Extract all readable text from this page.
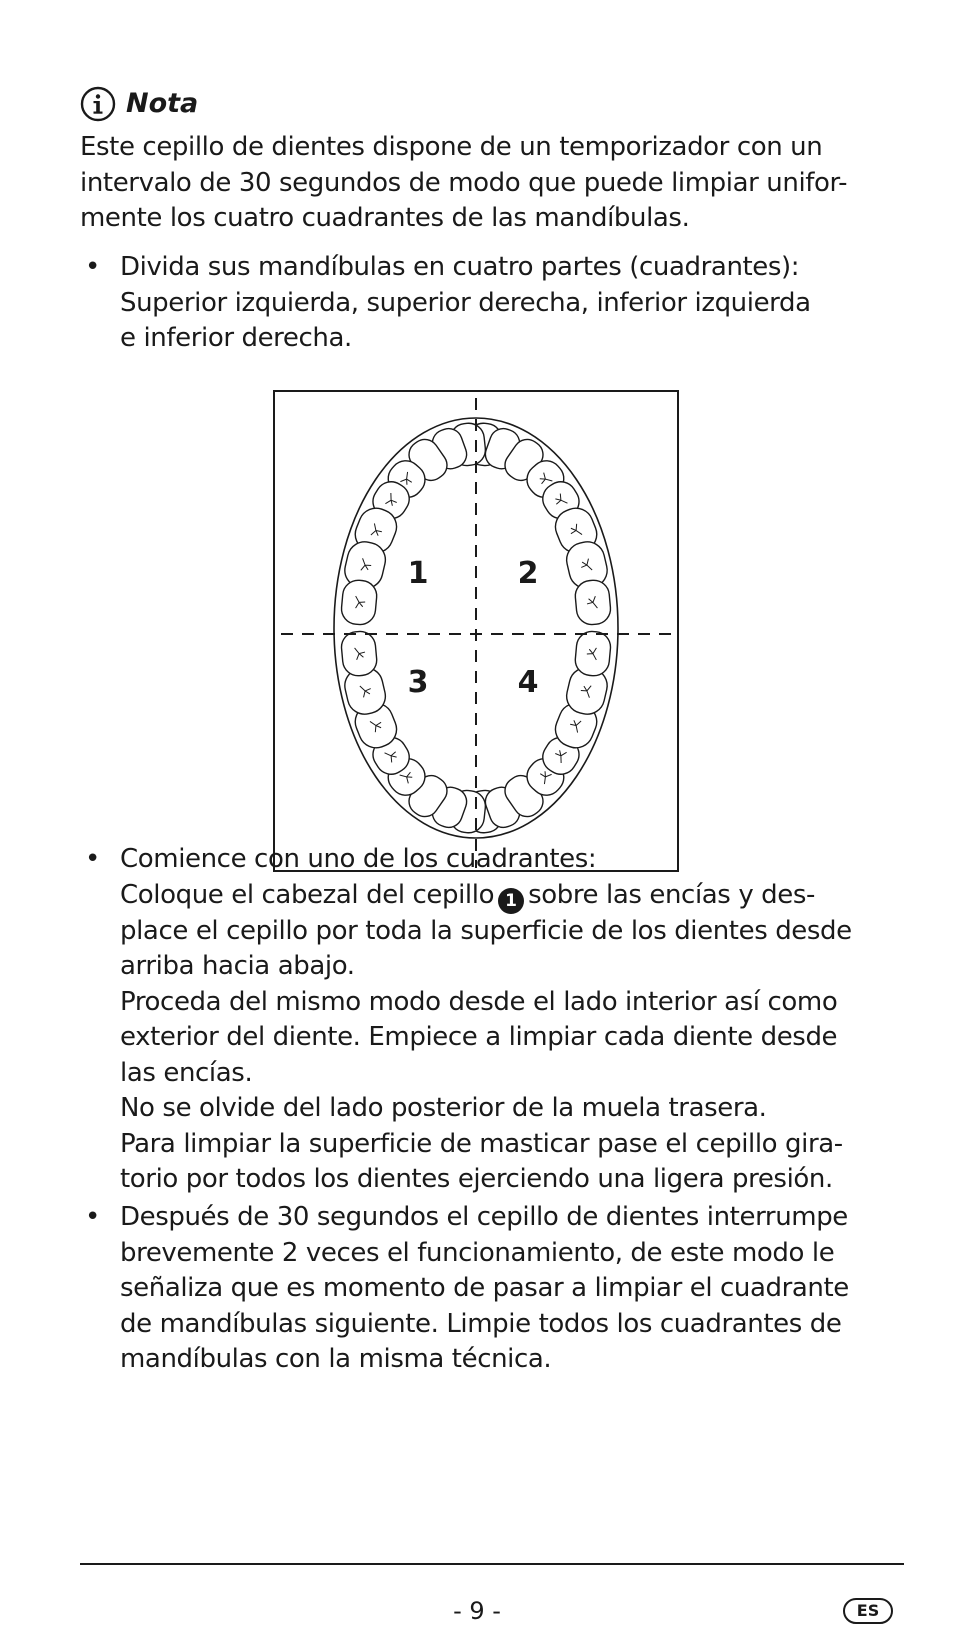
Nota
Este cepillo de dientes dispone de un temporizador con un
intervalo de 30 segundos de modo que puede limpiar unifor-
mente los cuatro cuadrantes de las mandíbulas.
• Divida sus mandíbulas en cuatro partes (cuadrantes):
Superior izquierda, superior derecha, inferior izquierda
e inferior derecha.
1	2
3	4
• Comience con uno de los cuadrantes:
Coloque el cabezal del cepillo 1 sobre las encías y des-
place el cepillo por toda la superficie de los dientes desde
arriba hacia abajo.
Proceda del mismo modo desde el lado interior así como
exterior del diente. Empiece a limpiar cada diente desde
las encías.
No se olvide del lado posterior de la muela trasera.
Para limpiar la superficie de masticar pase el cepillo gira-
torio por todos los dientes ejerciendo una ligera presión.
• Después de 30 segundos el cepillo de dientes interrumpe
brevemente 2 veces el funcionamiento, de este modo le
señaliza que es momento de pasar a limpiar el cuadrante
de mandíbulas siguiente. Limpie todos los cuadrantes de
mandíbulas con la misma técnica.
- 9 -	ES
